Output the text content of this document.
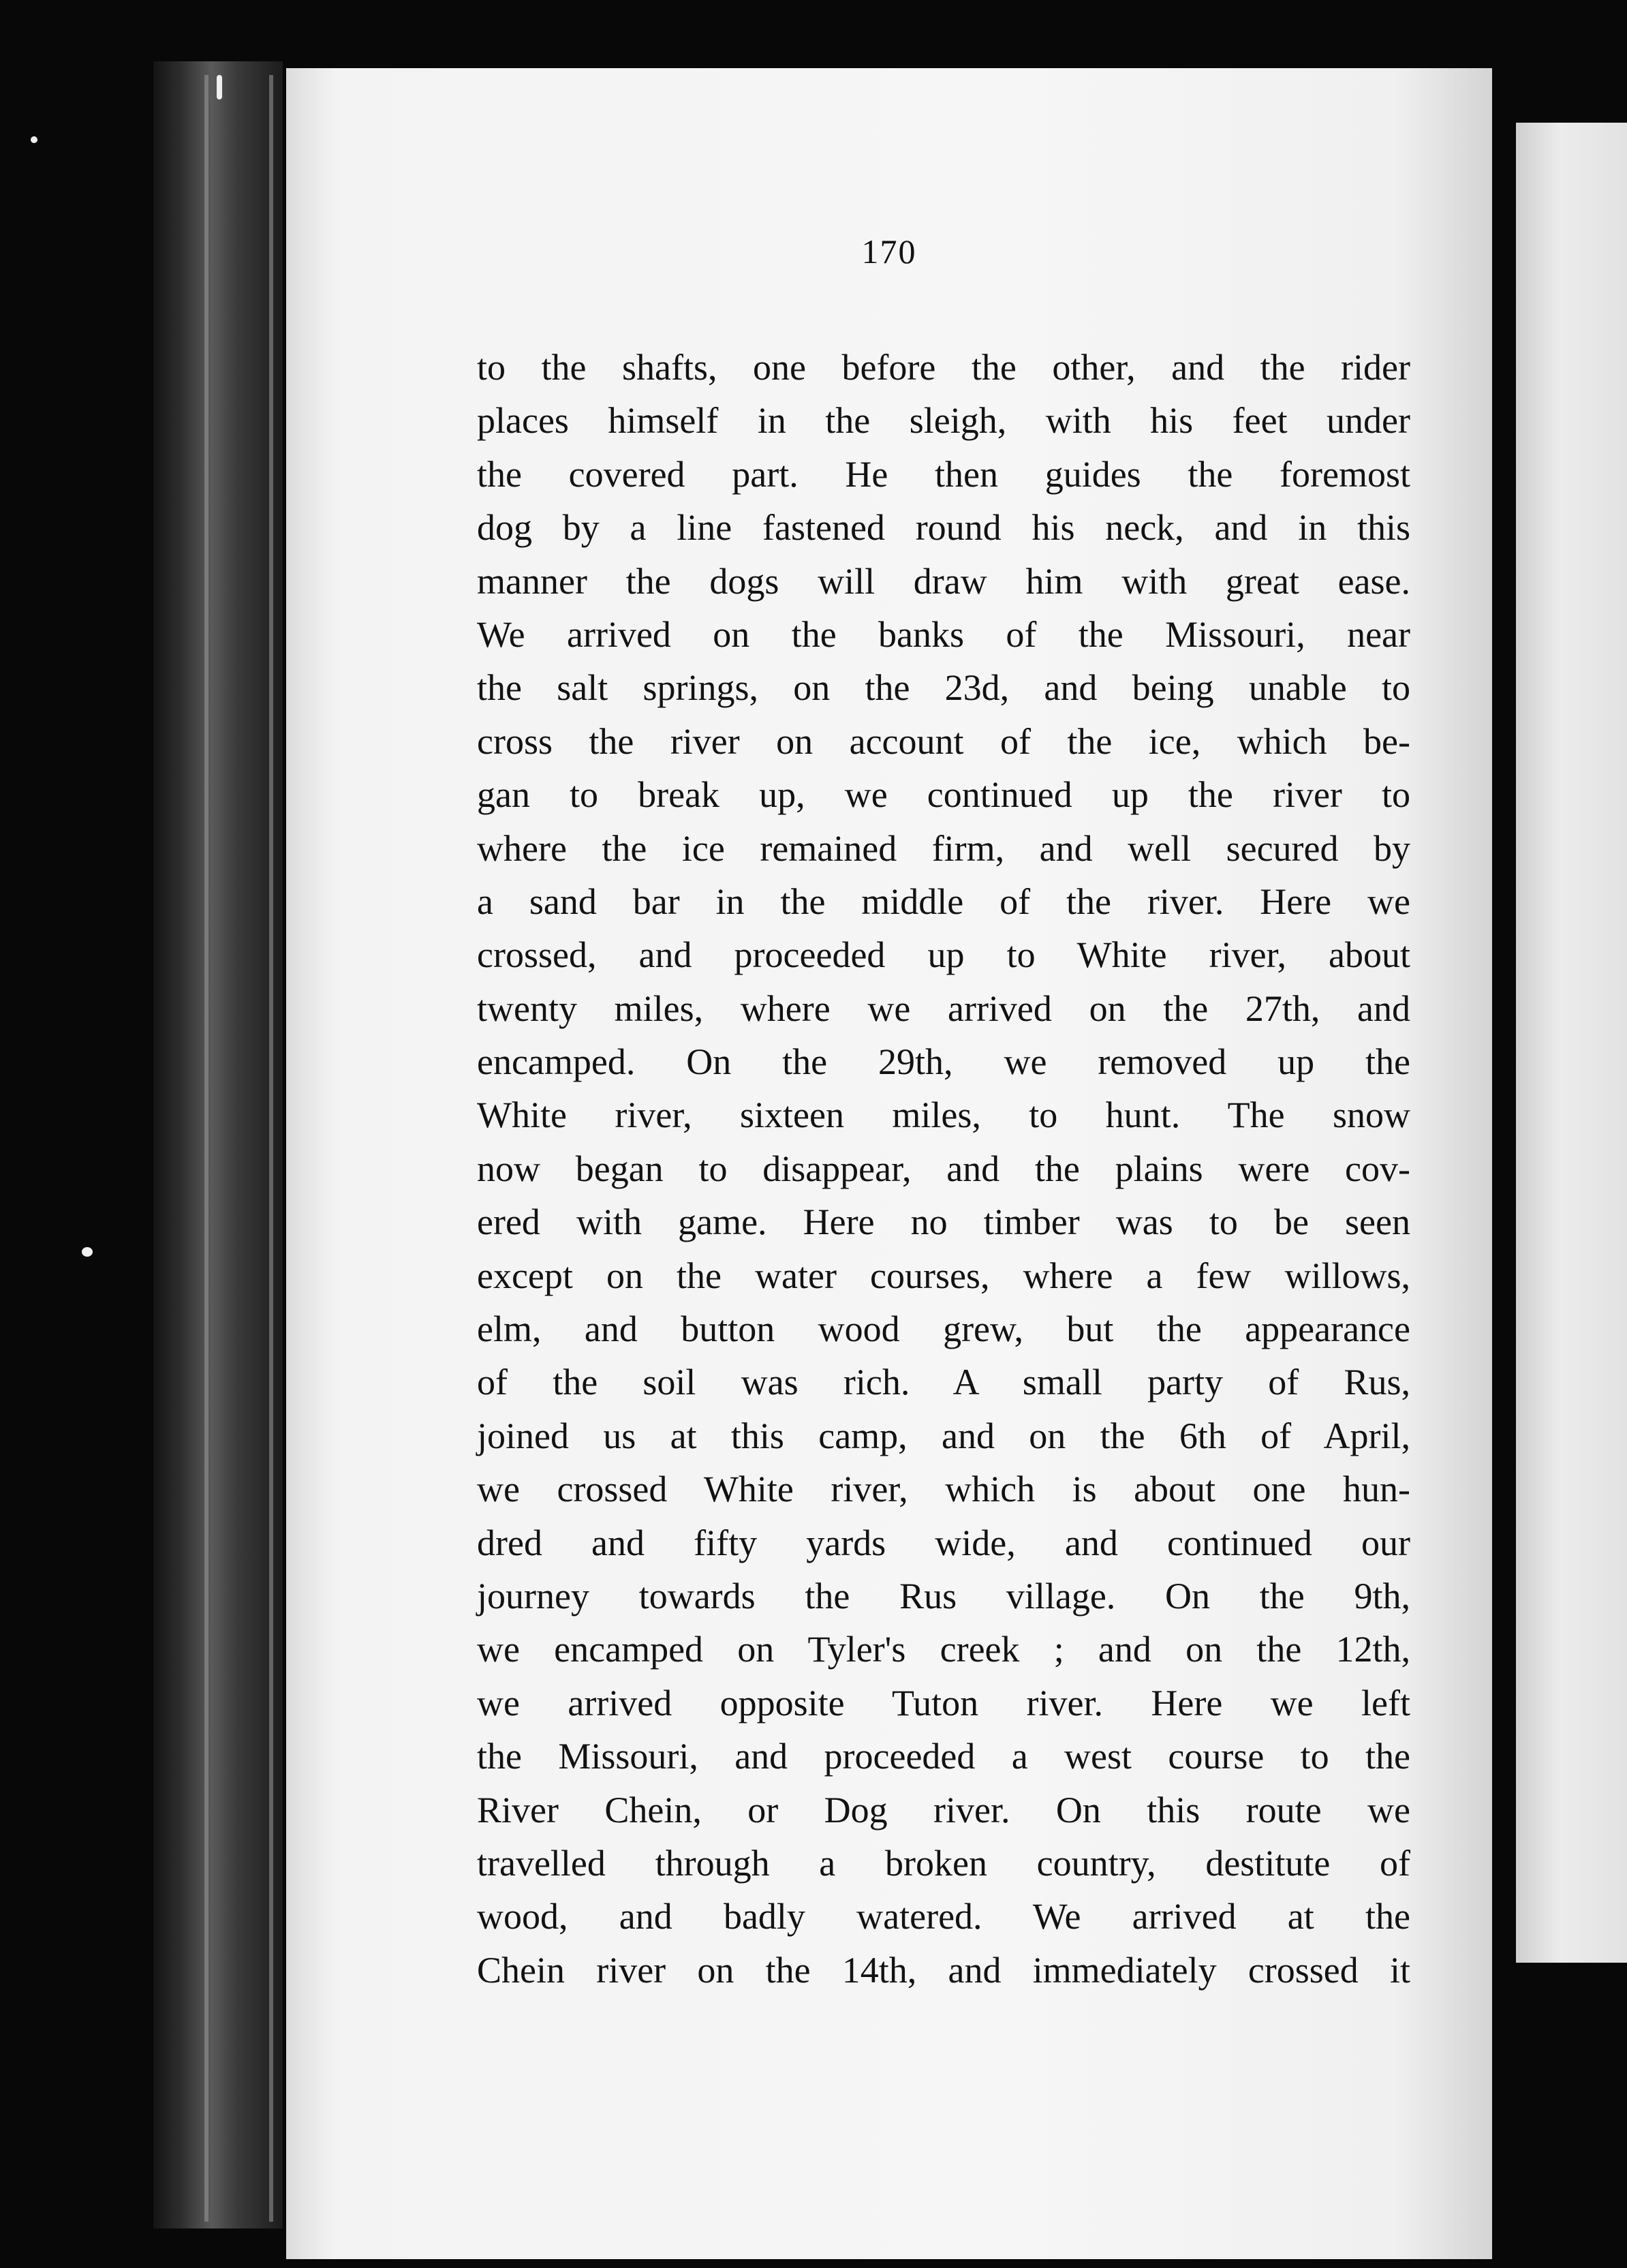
170
to the shafts, one before the other, and the rider
places himself in the sleigh, with his feet under
the covered part. He then guides the foremost
dog by a line fastened round his neck, and in this
manner the dogs will draw him with great ease.
We arrived on the banks of the Missouri, near
the salt springs, on the 23d, and being unable to
cross the river on account of the ice, which be-
gan to break up, we continued up the river to
where the ice remained firm, and well secured by
a sand bar in the middle of the river. Here we
crossed, and proceeded up to White river, about
twenty miles, where we arrived on the 27th, and
encamped. On the 29th, we removed up the
White river, sixteen miles, to hunt. The snow
now began to disappear, and the plains were cov-
ered with game. Here no timber was to be seen
except on the water courses, where a few willows,
elm, and button wood grew, but the appearance
of the soil was rich. A small party of Rus,
joined us at this camp, and on the 6th of April,
we crossed White river, which is about one hun-
dred and fifty yards wide, and continued our
journey towards the Rus village. On the 9th,
we encamped on Tyler's creek ; and on the 12th,
we arrived opposite Tuton river. Here we left
the Missouri, and proceeded a west course to the
River Chein, or Dog river. On this route we
travelled through a broken country, destitute of
wood, and badly watered. We arrived at the
Chein river on the 14th, and immediately crossed it
